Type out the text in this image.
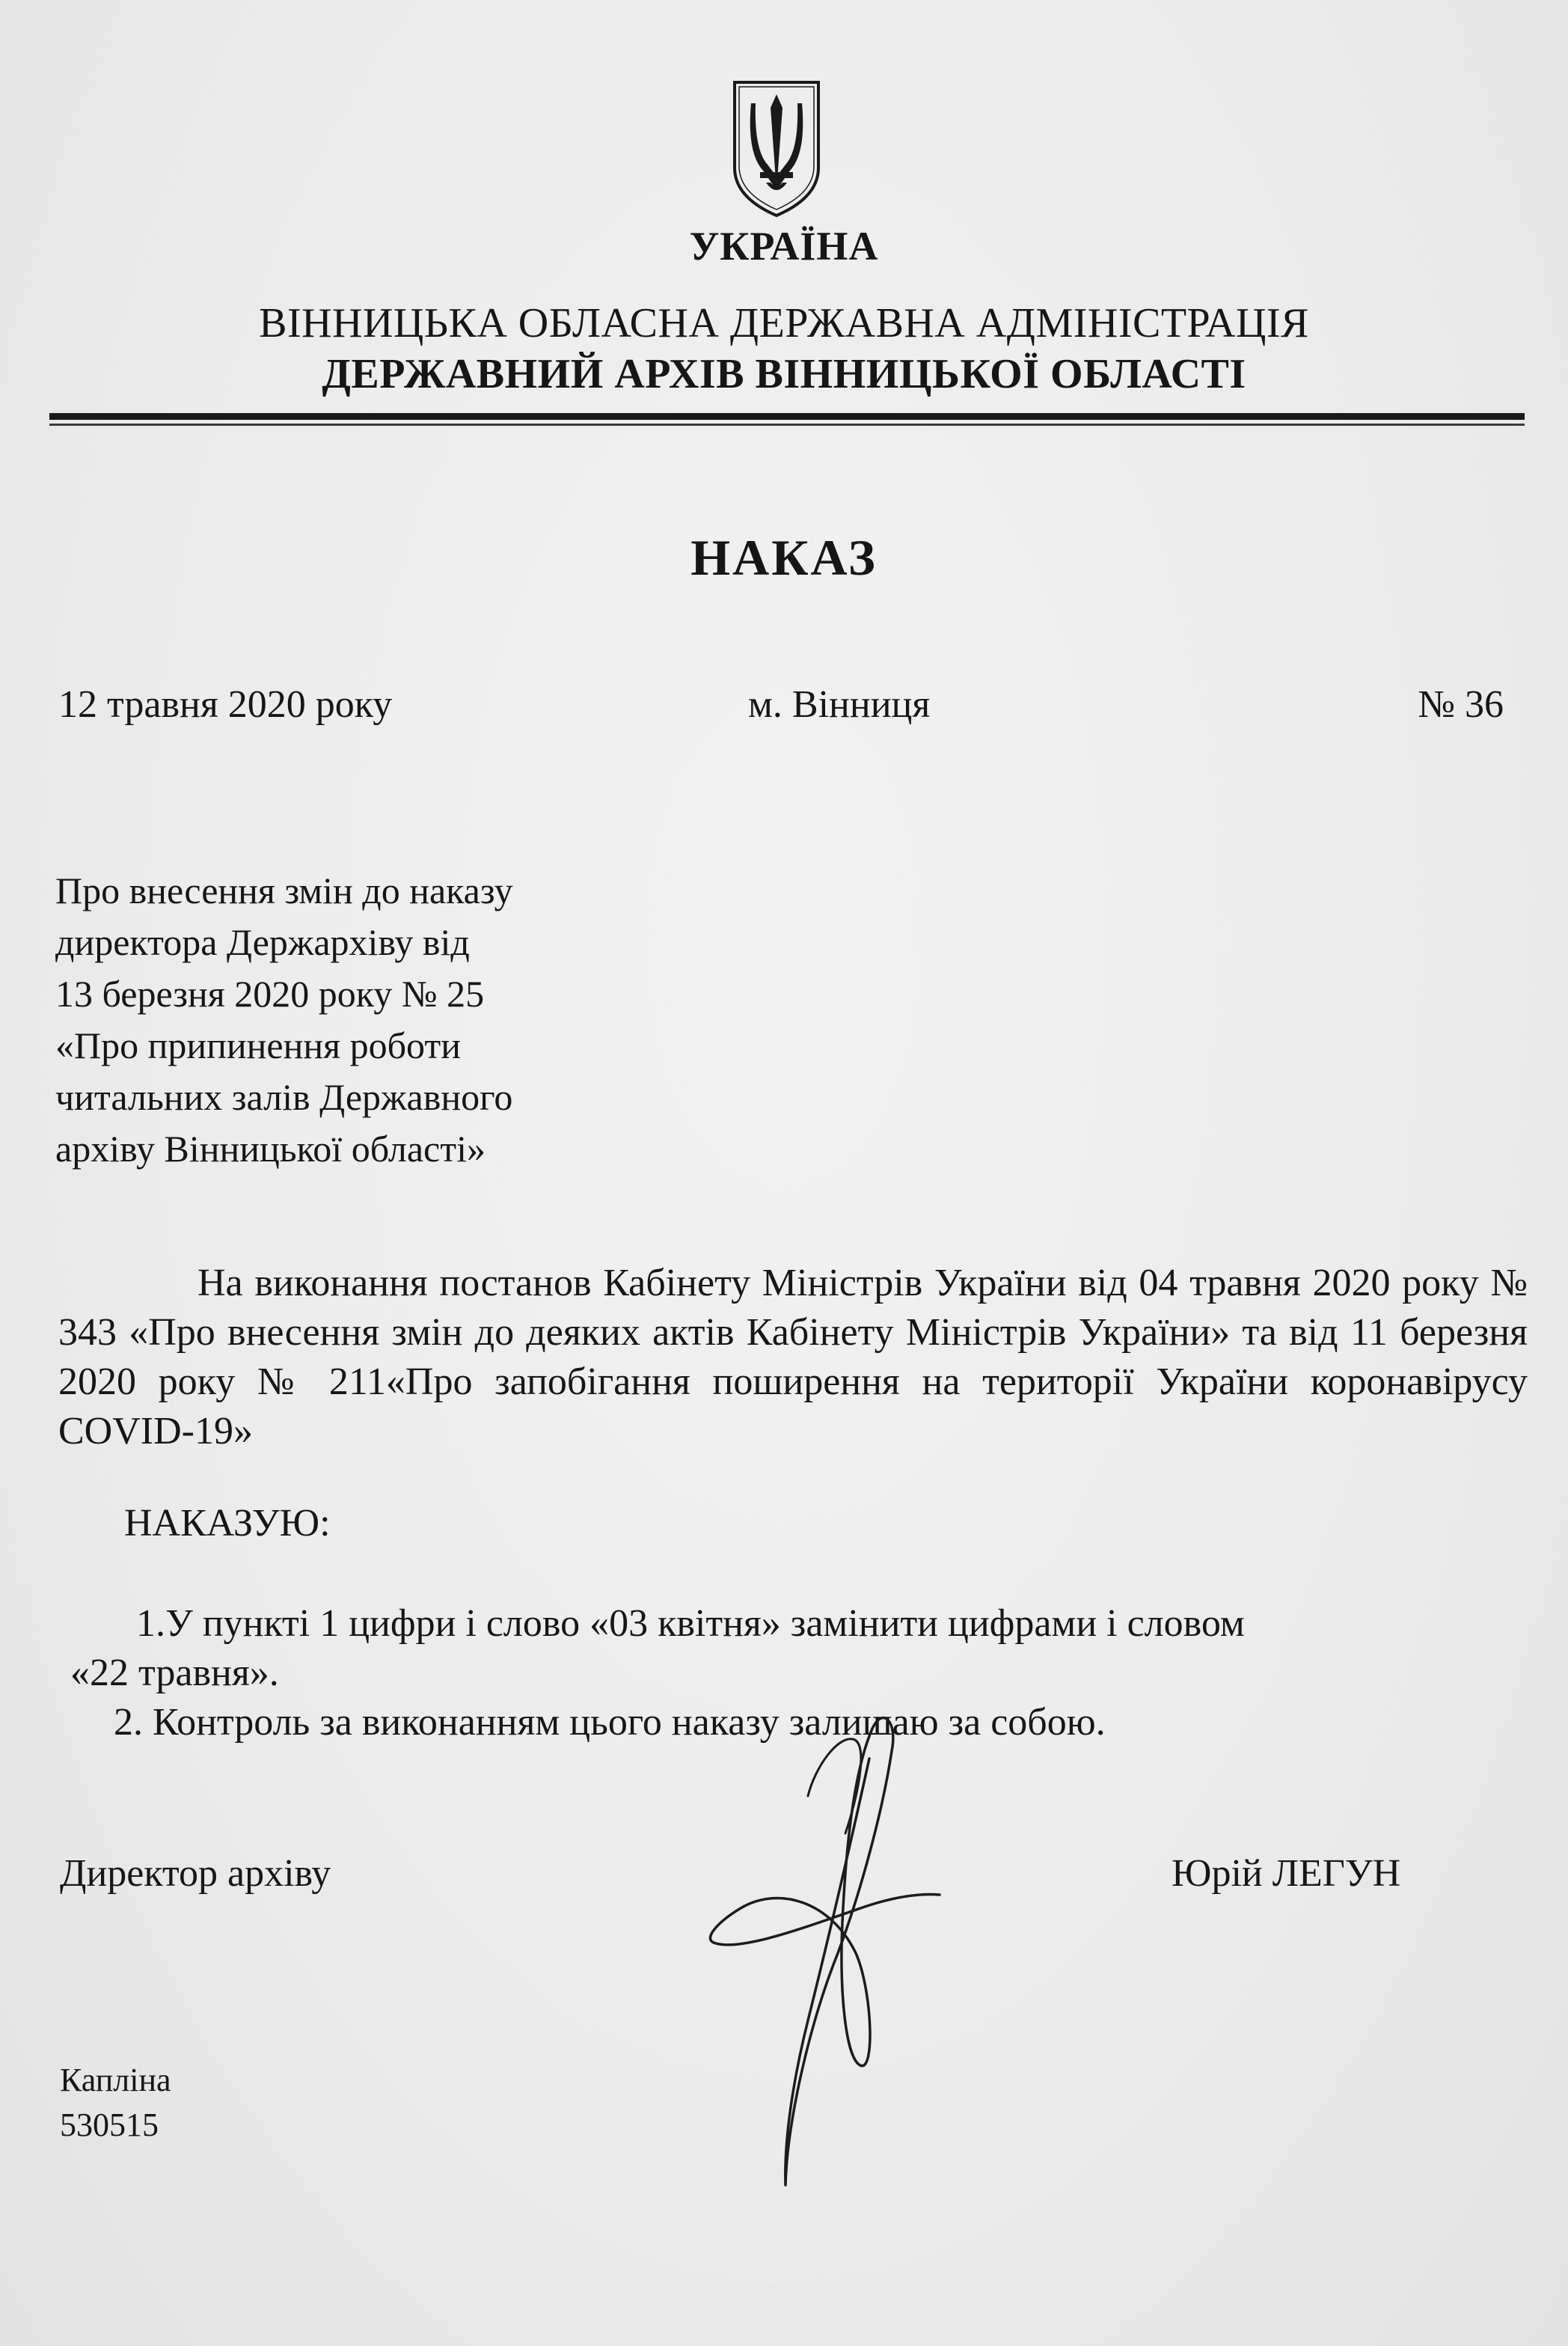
УКРАЇНА
ВІННИЦЬКА ОБЛАСНА ДЕРЖАВНА АДМІНІСТРАЦІЯ
ДЕРЖАВНИЙ АРХІВ ВІННИЦЬКОЇ ОБЛАСТІ
НАКАЗ
12 травня 2020 року	м. Вінниця	№ 36
Про внесення змін до наказу
директора Держархіву від
13 березня 2020 року № 25
«Про припинення роботи
читальних залів Державного
архіву Вінницької області»
На виконання постанов Кабінету Міністрів України від 04 травня 2020 року № 343 «Про внесення змін до деяких актів Кабінету Міністрів України» та від 11 березня 2020 року № 211«Про запобігання поширення на території України коронавірусу COVID-19»
НАКАЗУЮ:
1.У пункті 1 цифри і слово «03 квітня» замінити цифрами і словом
«22 травня».
2. Контроль за виконанням цього наказу залишаю за собою.
Директор архіву	Юрій ЛЕГУН
Капліна
530515
